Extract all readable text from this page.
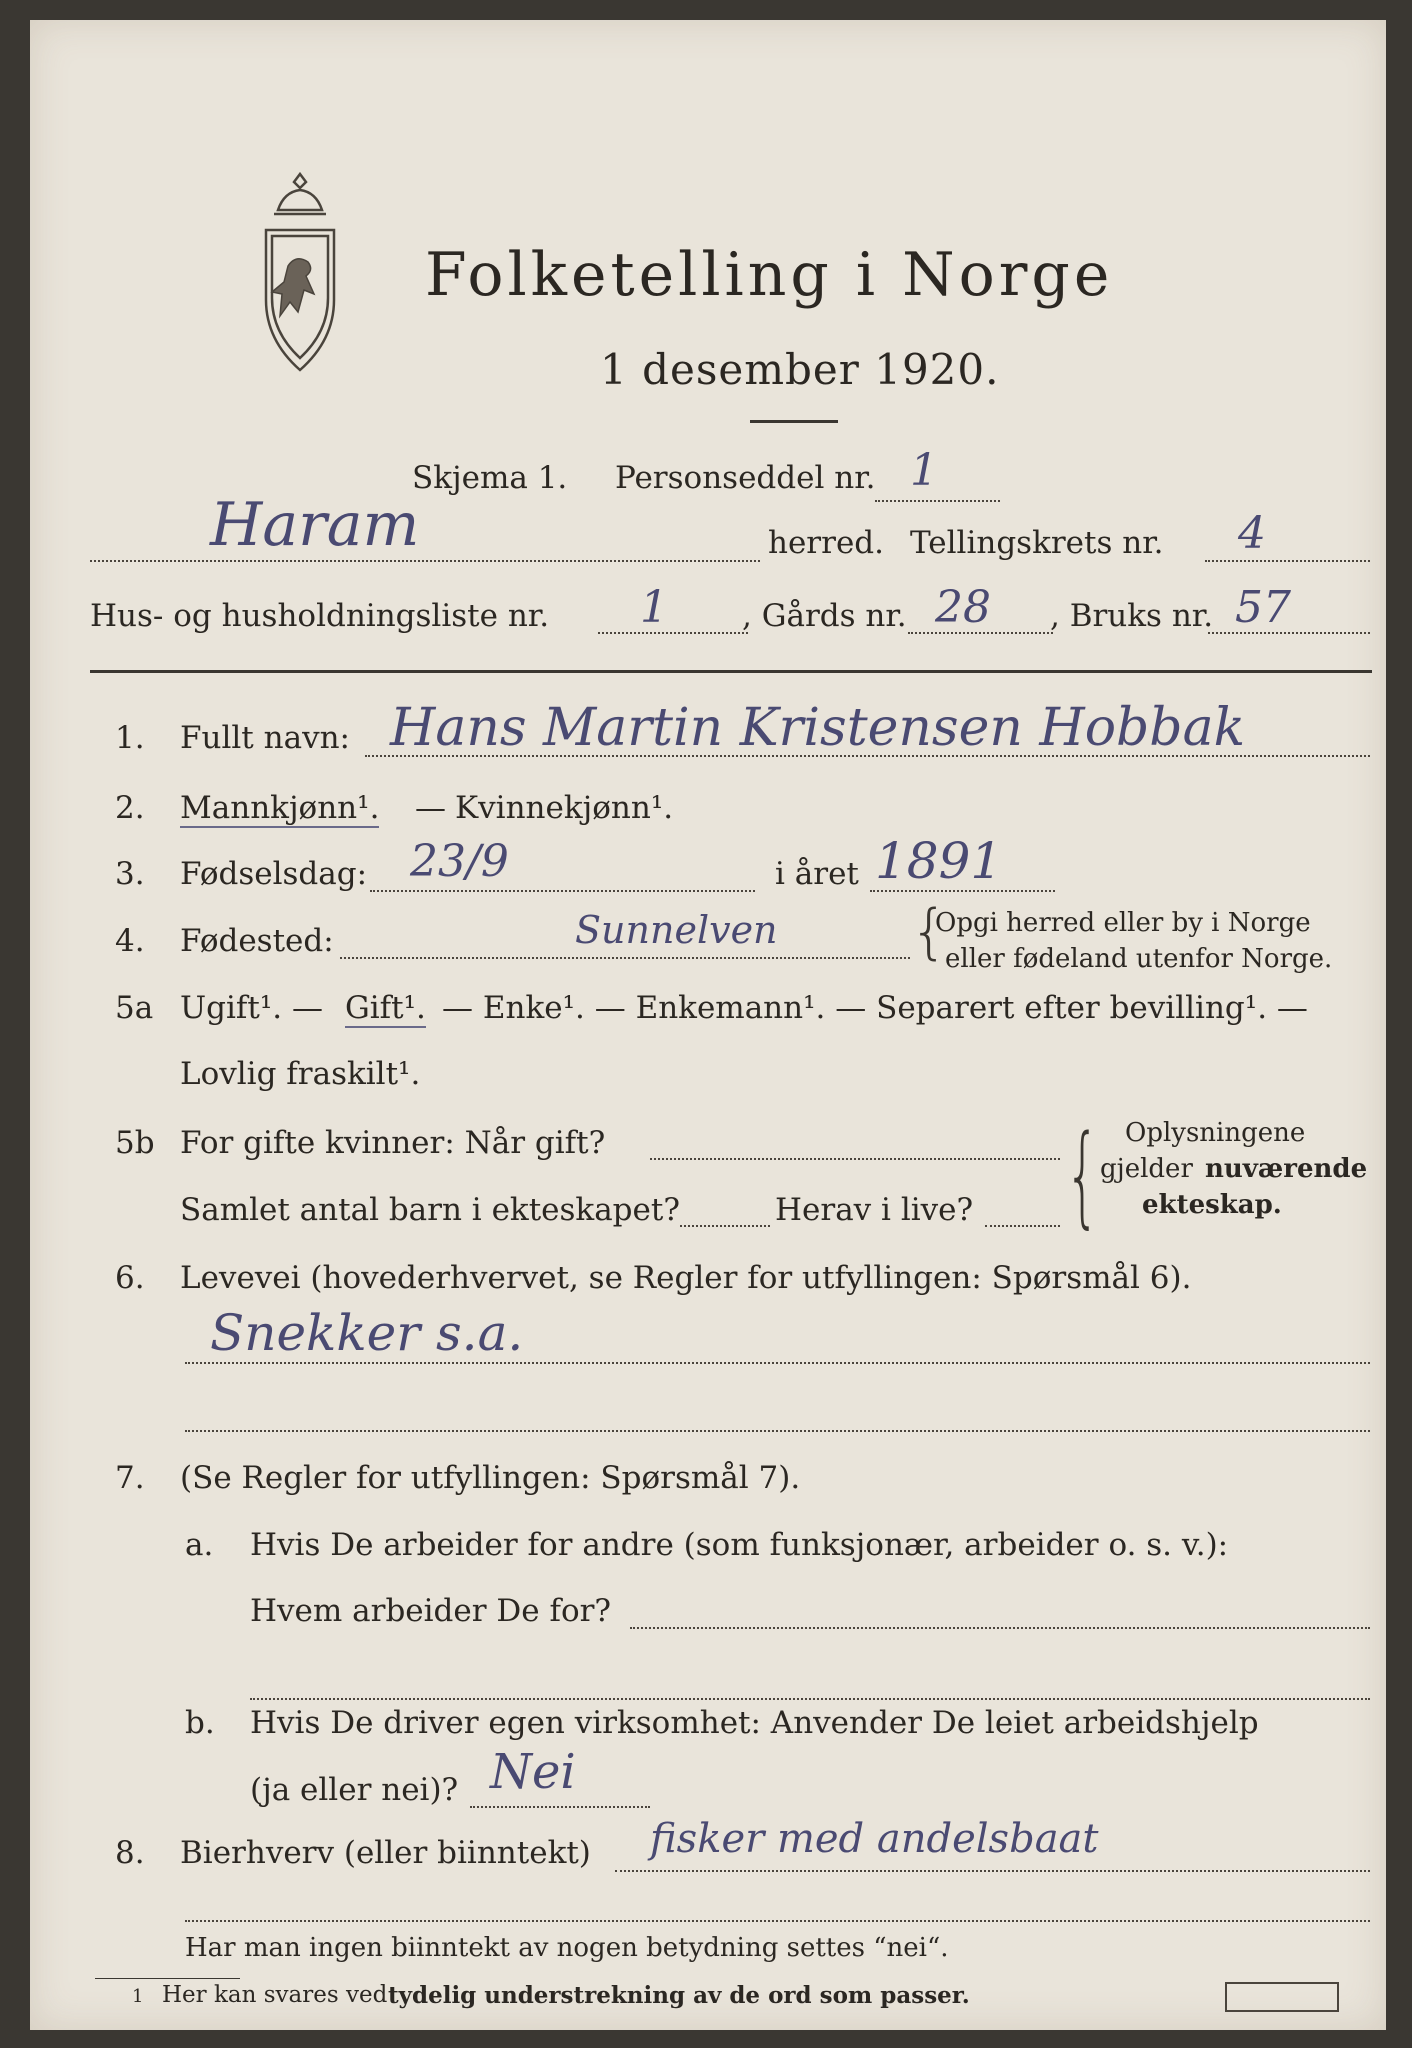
Folketelling i Norge
1 desember 1920.
Skjema 1. Personseddel nr. 1
Haram	herred. Tellingskrets nr. 4
Hus- og husholdningsliste nr. 1 , Gårds nr. 28 , Bruks nr. 57
1. Fullt navn: Hans Martin Kristensen Hobbak
2. Mannkjønn¹. — Kvinnekjønn¹.
3. Fødselsdag: 23/9	i året 1891
4. Fødested:	Sunnelven {
Opgi herred eller by i Norge
eller fødeland utenfor Norge.
5a Ugift¹. — Gift¹. — Enke¹. — Enkemann¹. — Separert efter bevilling¹. —
Lovlig fraskilt¹.
5b For gifte kvinner: Når gift?
Samlet antal barn i ekteskapet?	Herav i live? { Oplysningene
gjelder nuværende
ekteskap.
6. Levevei (hovederhvervet, se Regler for utfyllingen: Spørsmål 6).
Snekker s.a.
7. (Se Regler for utfyllingen: Spørsmål 7).
a. Hvis De arbeider for andre (som funksjonær, arbeider o. s. v.):
Hvem arbeider De for?
b. Hvis De driver egen virksomhet: Anvender De leiet arbeidshjelp
(ja eller nei)? Nei
8. Bierhverv (eller biinntekt) fisker med andelsbaat
Har man ingen biinntekt av nogen betydning settes “nei“.
1 Her kan svares ved tydelig understrekning av de ord som passer.
